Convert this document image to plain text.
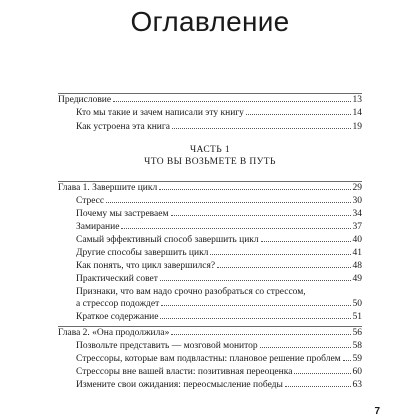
Оглавление
Предисловие	13
Кто мы такие и зачем написали эту книгу	14
Как устроена эта книга	19
ЧАСТЬ 1
ЧТО ВЫ ВОЗЬМЕТЕ В ПУТЬ
Глава 1. Завершите цикл	29
Стресс	30
Почему мы застреваем	34
Замирание	37
Самый эффективный способ завершить цикл	40
Другие способы завершить цикл	41
Как понять, что цикл завершился?	48
Практический совет	49
Признаки, что вам надо срочно разобраться со стрессом,
а стрессор подождет	50
Краткое содержание	51
Глава 2. «Она продолжила»	56
Позвольте представить — мозговой монитор	58
Стрессоры, которые вам подвластны: плановое решение проблем 59
Стрессоры вне вашей власти: позитивная переоценка	60
Измените свои ожидания: переосмысление победы	63
7
